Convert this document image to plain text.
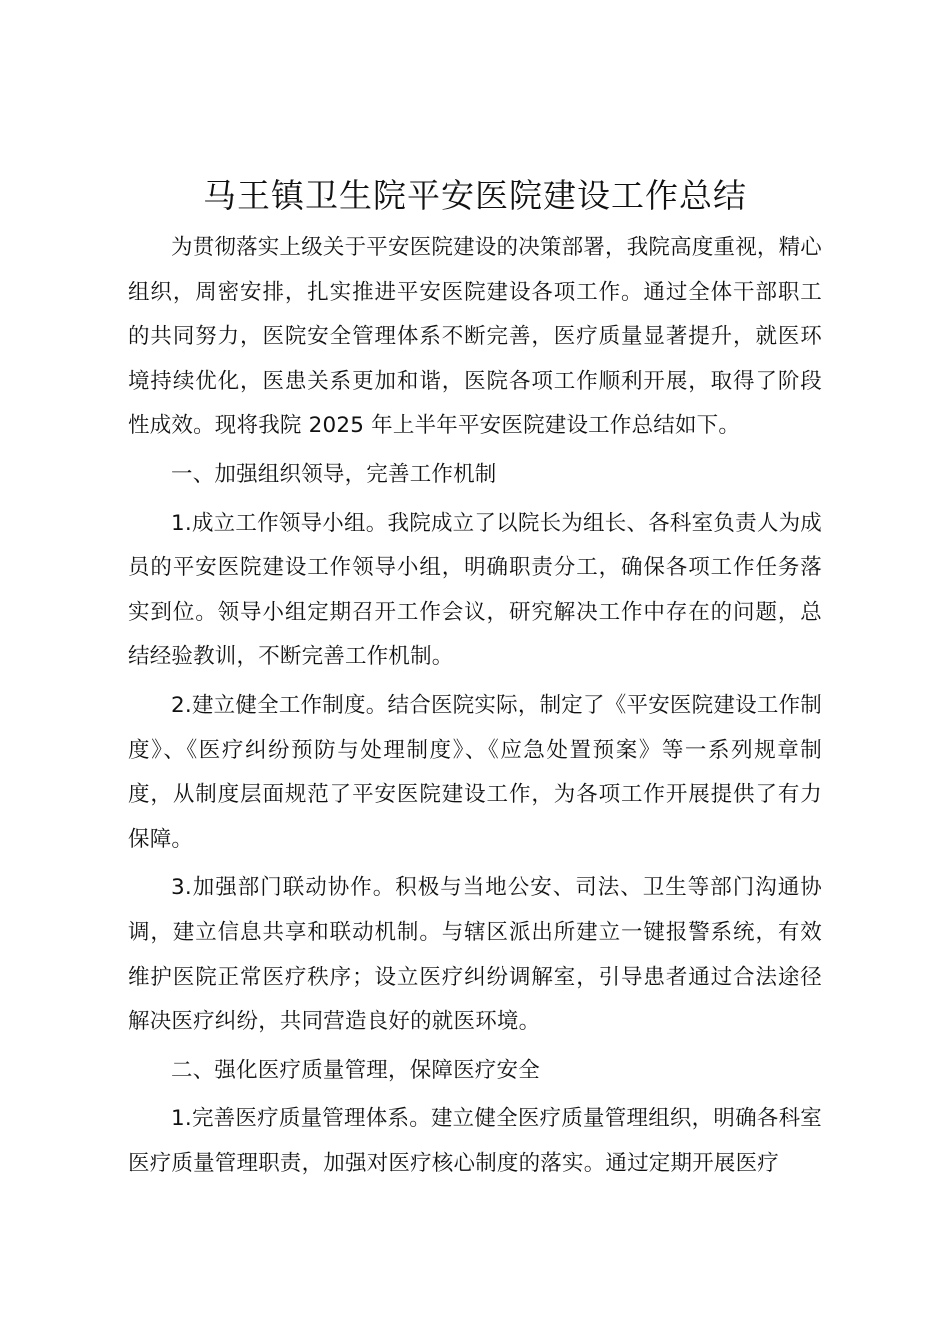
马王镇卫生院平安医院建设工作总结

为贯彻落实上级关于平安医院建设的决策部署，我院高度重视，精心组织，周密安排，扎实推进平安医院建设各项工作。通过全体干部职工的共同努力，医院安全管理体系不断完善，医疗质量显著提升，就医环境持续优化，医患关系更加和谐，医院各项工作顺利开展，取得了阶段性成效。现将我院 2025 年上半年平安医院建设工作总结如下。

一、加强组织领导，完善工作机制

1.成立工作领导小组。我院成立了以院长为组长、各科室负责人为成员的平安医院建设工作领导小组，明确职责分工，确保各项工作任务落实到位。领导小组定期召开工作会议，研究解决工作中存在的问题，总结经验教训，不断完善工作机制。

2.建立健全工作制度。结合医院实际，制定了《平安医院建设工作制度》、《医疗纠纷预防与处理制度》、《应急处置预案》等一系列规章制度，从制度层面规范了平安医院建设工作，为各项工作开展提供了有力保障。

3.加强部门联动协作。积极与当地公安、司法、卫生等部门沟通协调，建立信息共享和联动机制。与辖区派出所建立一键报警系统，有效维护医院正常医疗秩序；设立医疗纠纷调解室，引导患者通过合法途径解决医疗纠纷，共同营造良好的就医环境。

二、强化医疗质量管理，保障医疗安全

1.完善医疗质量管理体系。建立健全医疗质量管理组织，明确各科室医疗质量管理职责，加强对医疗核心制度的落实。通过定期开展医疗
